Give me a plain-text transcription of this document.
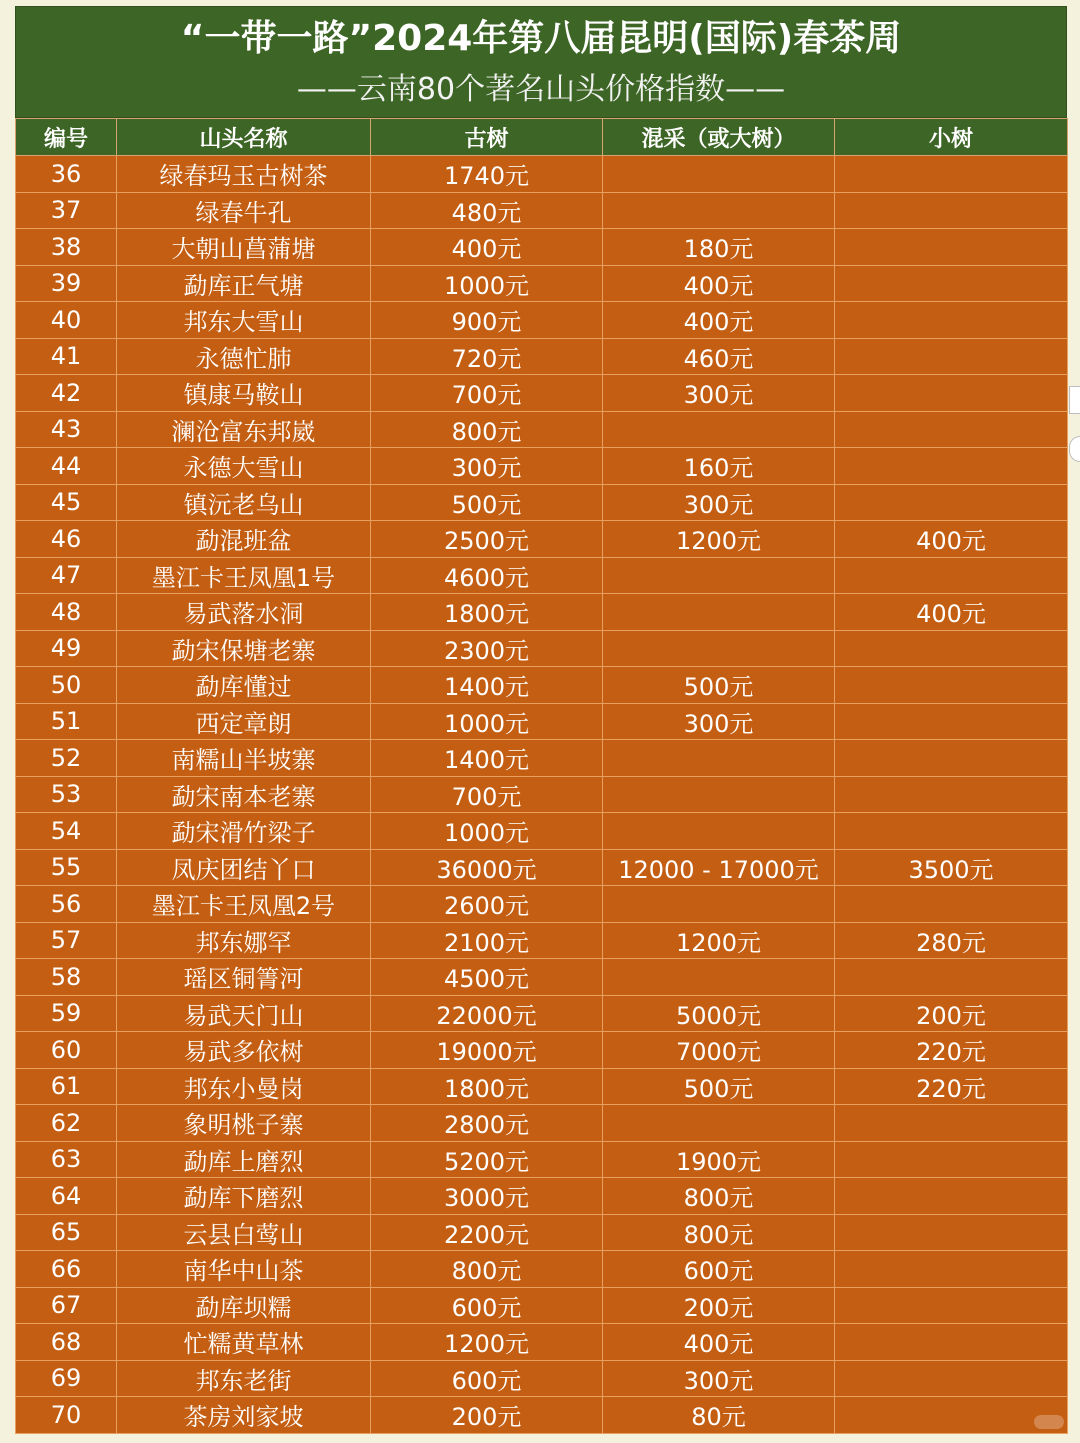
“一带一路”2024年第八届昆明(国际)春茶周
——云南80个著名山头价格指数——
编号	山头名称	古树	混采（或大树）	小树
36	绿春玛玉古树茶	1740元		
37	绿春牛孔	480元		
38	大朝山菖蒲塘	400元	180元	
39	勐库正气塘	1000元	400元	
40	邦东大雪山	900元	400元	
41	永德忙肺	720元	460元	
42	镇康马鞍山	700元	300元	
43	澜沧富东邦崴	800元		
44	永德大雪山	300元	160元	
45	镇沅老乌山	500元	300元	
46	勐混班盆	2500元	1200元	400元
47	墨江卡王凤凰1号	4600元		
48	易武落水洞	1800元		400元
49	勐宋保塘老寨	2300元		
50	勐库懂过	1400元	500元	
51	西定章朗	1000元	300元	
52	南糯山半坡寨	1400元		
53	勐宋南本老寨	700元		
54	勐宋滑竹梁子	1000元		
55	凤庆团结丫口	36000元	12000 - 17000元	3500元
56	墨江卡王凤凰2号	2600元		
57	邦东娜罕	2100元	1200元	280元
58	瑶区铜箐河	4500元		
59	易武天门山	22000元	5000元	200元
60	易武多依树	19000元	7000元	220元
61	邦东小曼岗	1800元	500元	220元
62	象明桃子寨	2800元		
63	勐库上磨烈	5200元	1900元	
64	勐库下磨烈	3000元	800元	
65	云县白莺山	2200元	800元	
66	南华中山茶	800元	600元	
67	勐库坝糯	600元	200元	
68	忙糯黄草林	1200元	400元	
69	邦东老街	600元	300元	
70	茶房刘家坡	200元	80元	
